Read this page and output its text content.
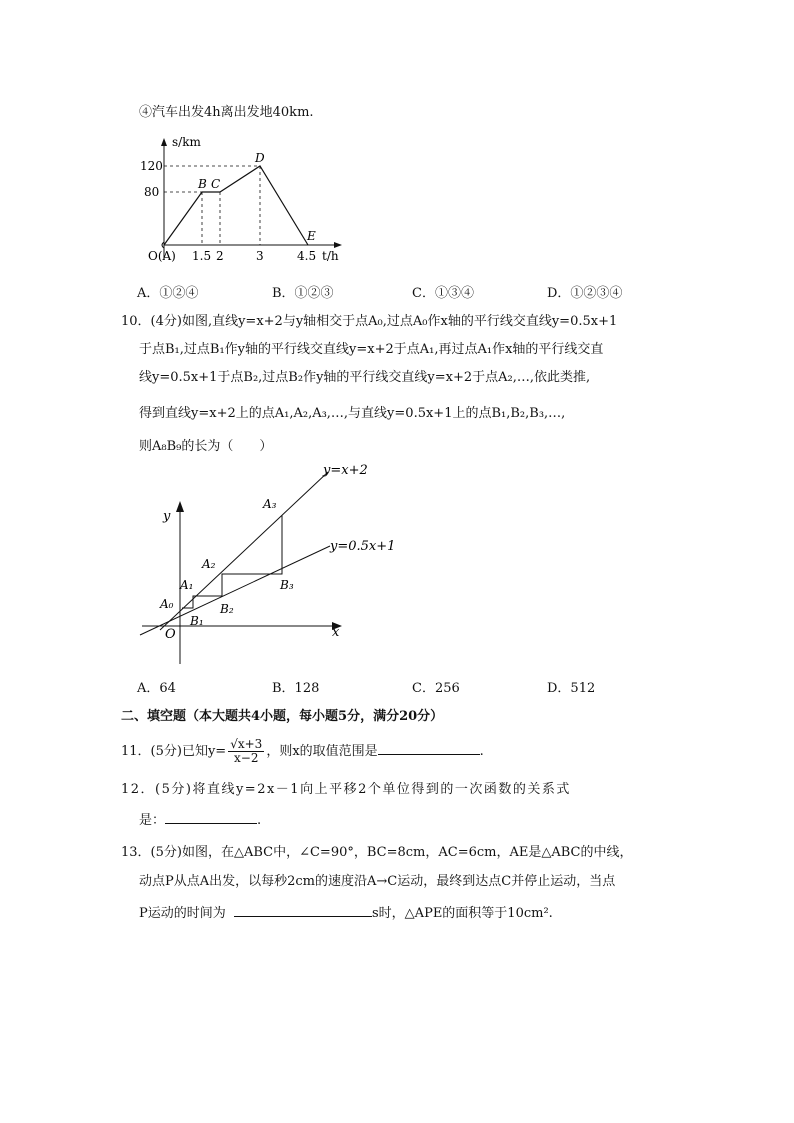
④汽车出发4h离出发地40km.
s/km
120
80
B C
D
E
O(A) 1.5 2	3	4.5 t/h
A．①②④	B．①②③	C．①③④	D．①②③④
10．(4分)如图,直线y=x+2与y轴相交于点A₀,过点A₀作x轴的平行线交直线y=0.5x+1
于点B₁,过点B₁作y轴的平行线交直线y=x+2于点A₁,再过点A₁作x轴的平行线交直
线y=0.5x+1于点B₂,过点B₂作y轴的平行线交直线y=x+2于点A₂,…,依此类推,
得到直线y=x+2上的点A₁,A₂,A₃,…,与直线y=0.5x+1上的点B₁,B₂,B₃,…,
则A₈B₉的长为（　　）
y=x+2
y=0.5x+1
y
x
O
A₀
A₁
A₂
A₃
B₁
B₂
B₃
A．64	B．128	C．256	D．512
二、填空题（本大题共4小题，每小题5分，满分20分）
11．(5分)已知$y= \frac{√x+3}{x-2}$ ，则x的取值范围是	.
12．(5分)将直线y=2x－1向上平移2个单位得到的一次函数的关系式
是：	.
13．(5分)如图，在△ABC中，∠C=90°，BC=8cm，AC=6cm，AE是△ABC的中线，
动点P从点A出发，以每秒2cm的速度沿A→C运动，最终到达点C并停止运动，当点
P运动的时间为	s时，△APE的面积等于10cm².
